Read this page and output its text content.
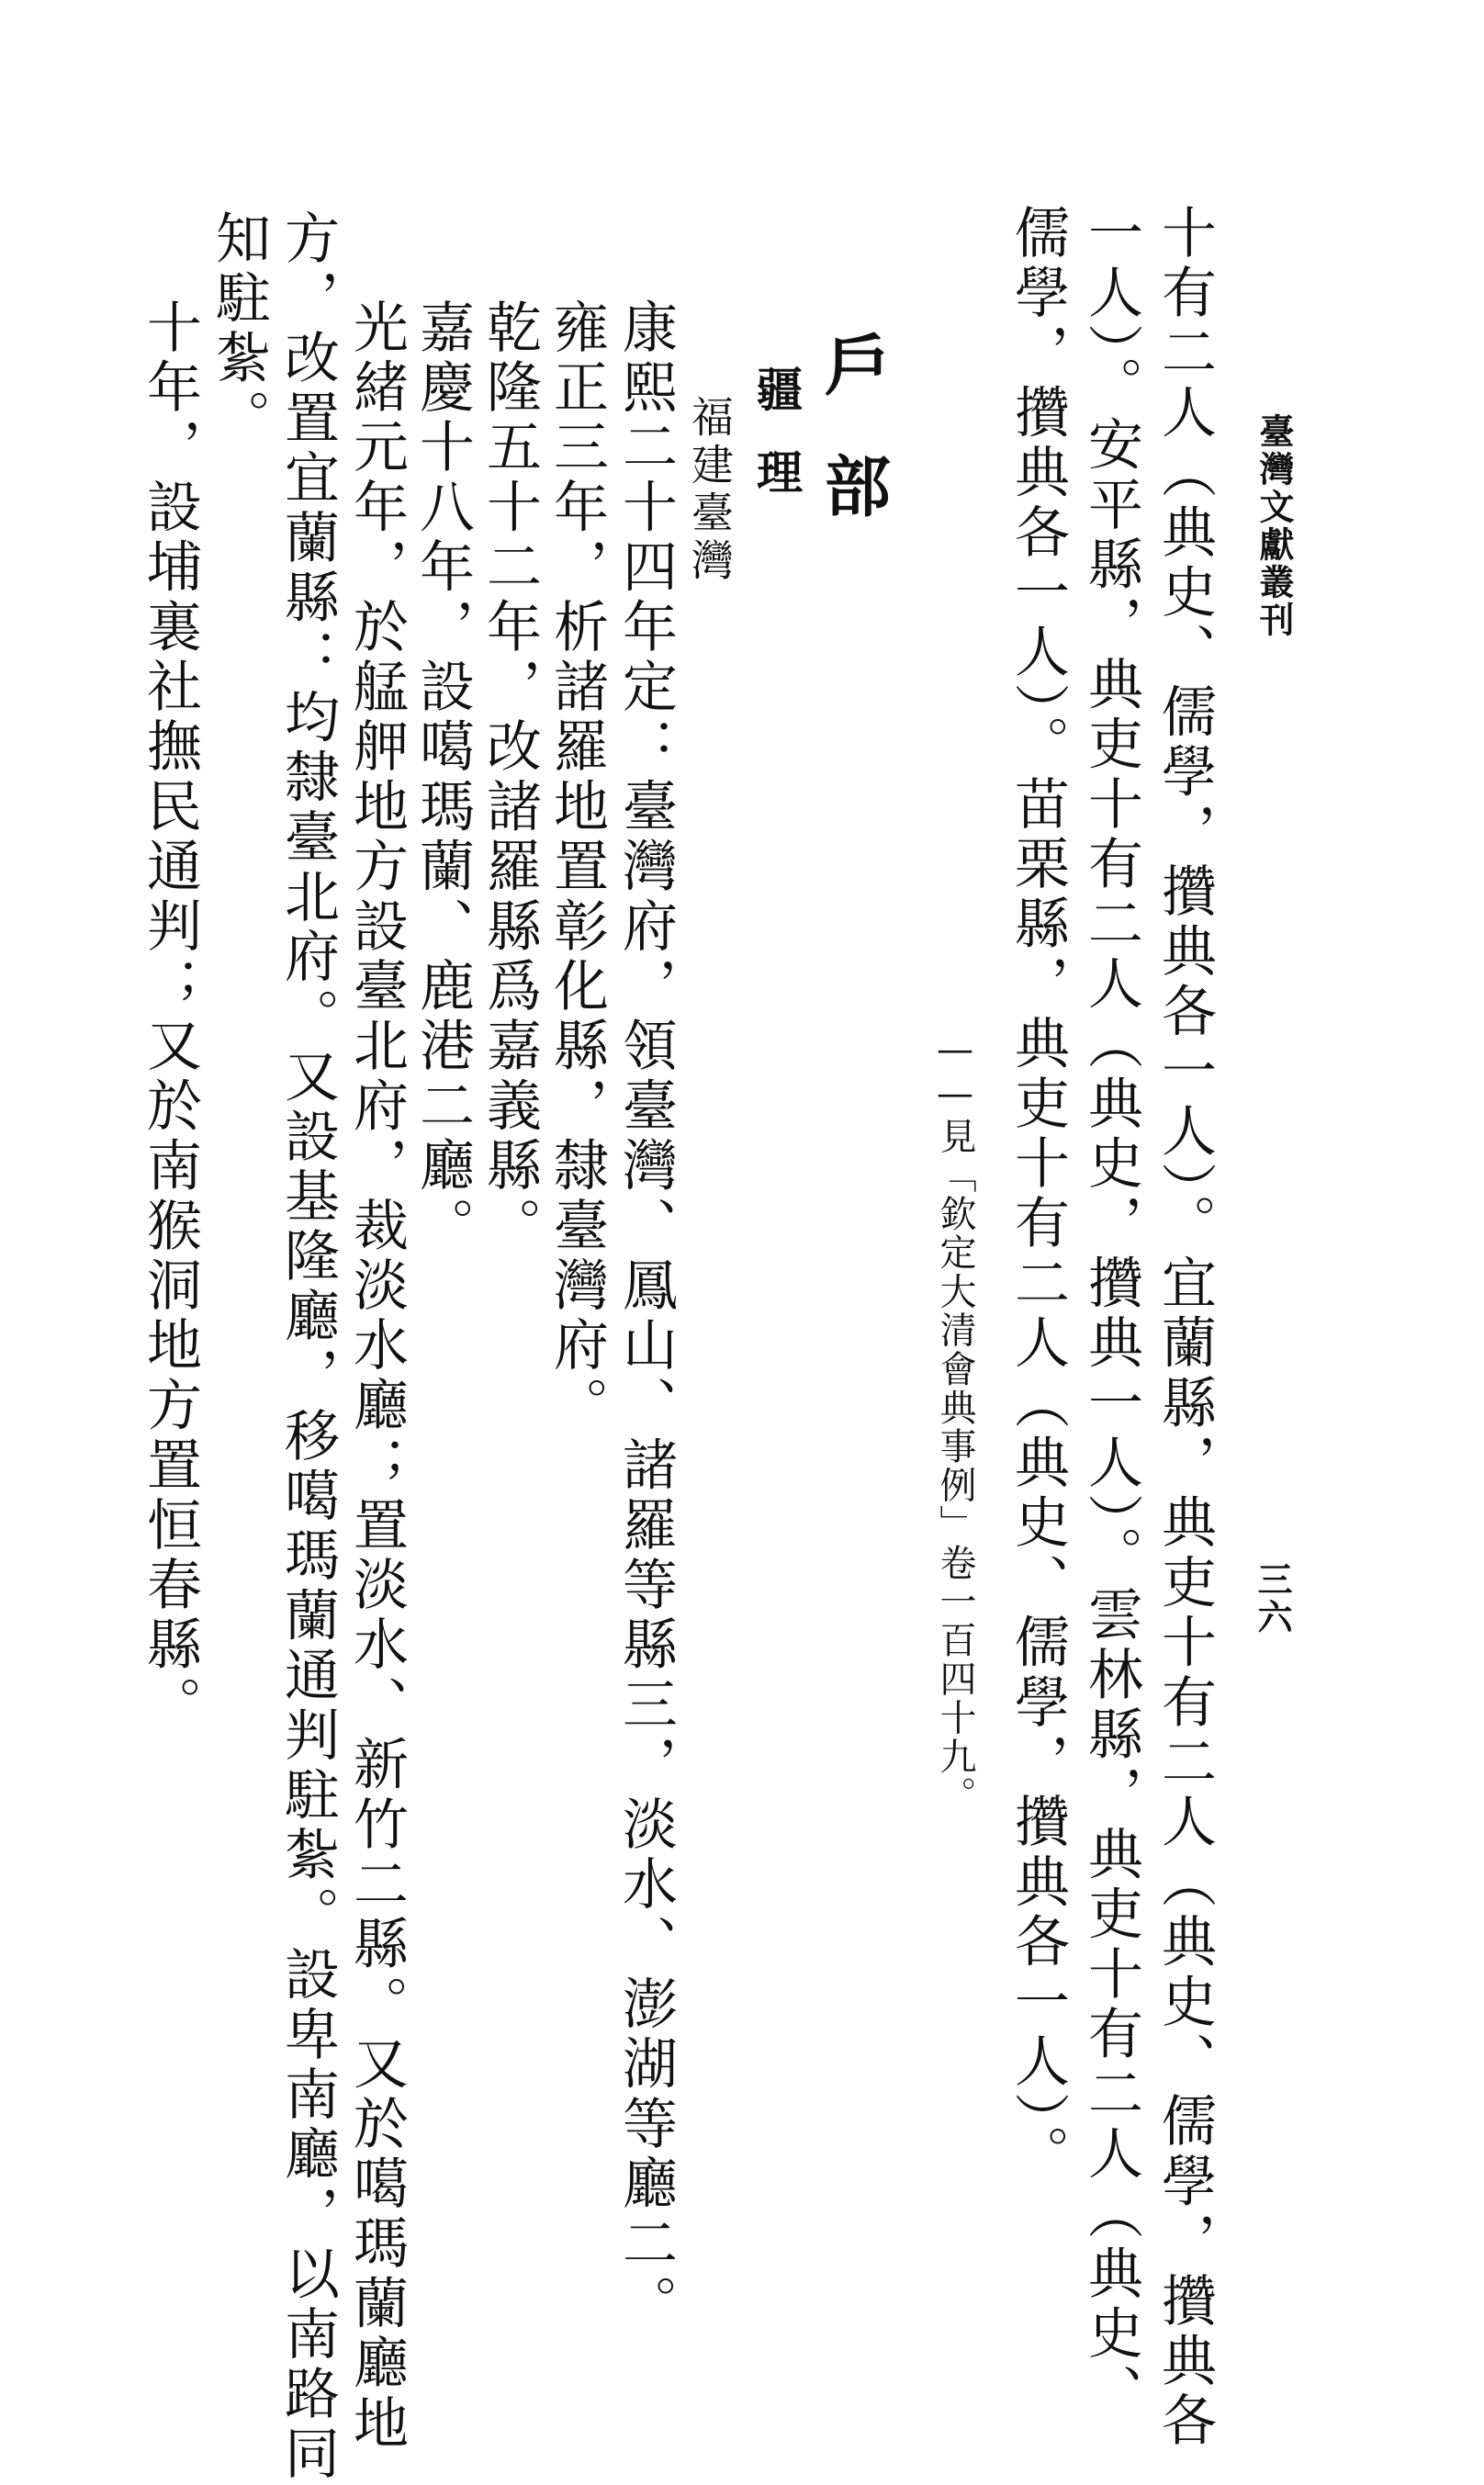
臺灣文獻叢刊
三六
十有二人（典史、儒學，攢典各一人）。宜蘭縣，典吏十有二人（典史、儒學，攢典各
一人）。安平縣，典吏十有二人（典史，攢典一人）。雲林縣，典吏十有二人（典史、
儒學，攢典各一人）。苗栗縣，典吏十有二人（典史、儒學，攢典各一人）。
——見「欽定大清會典事例」卷一百四十九。
戶部
疆理
福建臺灣
康熙二十四年定：臺灣府，領臺灣、鳳山、諸羅等縣三，淡水、澎湖等廳二。
雍正三年，析諸羅地置彰化縣，隸臺灣府。
乾隆五十二年，改諸羅縣爲嘉義縣。
嘉慶十八年，設噶瑪蘭、鹿港二廳。
光緒元年，於艋舺地方設臺北府，裁淡水廳；置淡水、新竹二縣。又於噶瑪蘭廳地
方，改置宜蘭縣：均隸臺北府。又設基隆廳，移噶瑪蘭通判駐紮。設卑南廳，以南路同
知駐紮。
十年，設埔裏社撫民通判；又於南猴洞地方置恒春縣。
